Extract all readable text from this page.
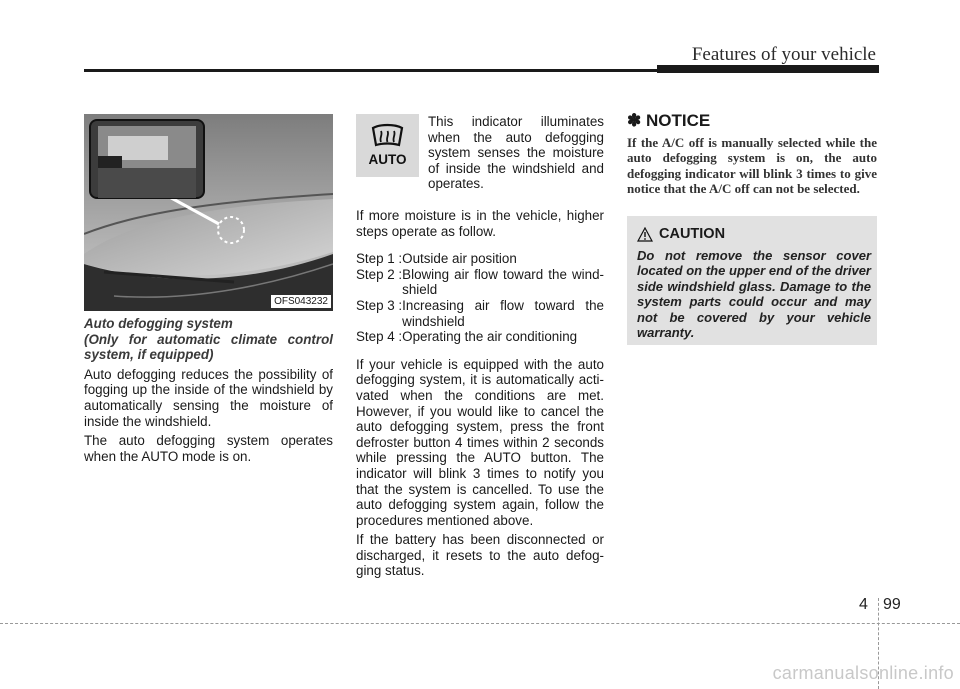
Features of your vehicle
OFS043232

Auto defogging system

(Only for automatic climate control system, if equipped)

Auto defogging reduces the possibility of fogging up the inside of the windshield by automatically sensing the moisture of inside the windshield.

The auto defogging system operates when the AUTO mode is on.

AUTO

This indicator illuminates when the auto defogging system senses the moisture of inside the windshield and operates.

If more moisture is in the vehicle, higher steps operate as follow.

Step 1 : Outside air position
Step 2 : Blowing air flow toward the wind-shield
Step 3 : Increasing air flow toward the windshield
Step 4 : Operating the air conditioning

If your vehicle is equipped with the auto defogging system, it is automatically acti-vated when the conditions are met. However, if you would like to cancel the auto defogging system, press the front defroster button 4 times within 2 seconds while pressing the AUTO button. The indicator will blink 3 times to notify you that the system is cancelled. To use the auto defogging system again, follow the procedures mentioned above.

If the battery has been disconnected or discharged, it resets to the auto defog-ging status.

✽ NOTICE

If the A/C off is manually selected while the auto defogging system is on, the auto defogging indicator will blink 3 times to give notice that the A/C off can not be selected.

CAUTION

Do not remove the sensor cover located on the upper end of the driver side windshield glass. Damage to the system parts could occur and may not be covered by your vehicle warranty.

4 99
carmanualsonline.info
